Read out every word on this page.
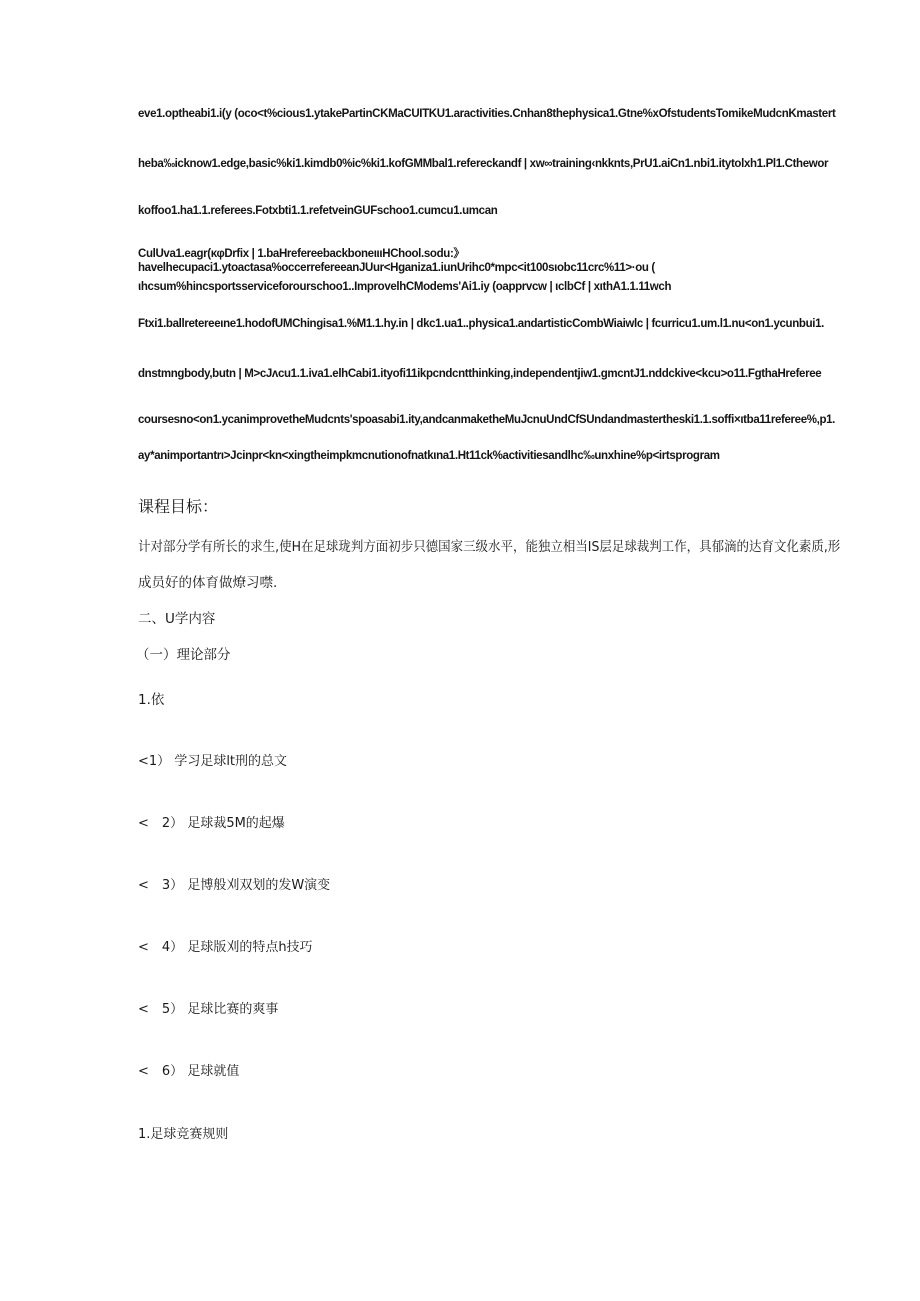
eve1.optheabi1.i(y (oco<t%cious1.ytakePartinCKMaCUITKU1.aractivities.Cnhan8thephysica1.Gtne%xOfstudentsTomikeMudcnKmastert

heba‰icknow1.edge,basic%ki1.kimdb0%ic%ki1.kofGMMbal1.refereckandf | xw∞training‹nkknts,PrU1.aiCn1.nbi1.itytolxh1.Pl1.Cthewor

koffoo1.ha1.1.referees.Fotxbti1.1.refetveinGUFschoo1.cumcu1.umcan

CulUva1.eagr(κφDrfix | 1.baHrefereebackboneιιιHChool.sodu:》

havelhecupaci1.ytoactasa%occerrefereeanJUur<Hganiza1.iunUrihc0*mpc<it100sιobc11crc%11>·ou (

ιhcsum%hincsportsserviceforourschoo1..ImprovelhCModems'Ai1.iy (oapprvcw | ιclbCf | xιthA1.1.11wch

Ftxi1.ballretereeιne1.hodofUMChingisa1.%M1.1.hy.in | dkc1.ua1..physica1.andartisticCombWiaiwlc | fcurricu1.um.l1.nu<on1.ycunbui1.

dnstmngbody,butn | M>cJʌcu1.1.iva1.elhCabi1.ityofi11ikpcndcntthinking,independentjiw1.gmcntJ1.nddckive<kcu>o11.FgthaHreferee

coursesno<on1.ycanimprovetheMudcnts'spoasabi1.ity,andcanmaketheMuJcnuUndCfSUndandmastertheski1.1.soffi×ιtba11referee%,p1.

ay*animportantrι>Jcinpr<kn<xingtheimpkmcnutionofnatkιna1.Ht11ck%activitiesandlhc‰unxhine%p<irtsprogram

课程目标：

计对部分学有所长的求生,使H在足球珑判方面初步只德国家三级水平，能独立相当IS层足球裁判工作，具郁滴的达育文化素质,形

成员好的体育做燎习噤.

二、U学内容

（一）理论部分

1.依

<1） 学习足球lt刑的总文

<　2） 足球裁5M的起爆

<　3） 足博般刈双划的发W演变

<　4） 足球版刈的特点h技巧

<　5） 足球比赛的爽事

<　6） 足球就值

1.足球竞赛规则
